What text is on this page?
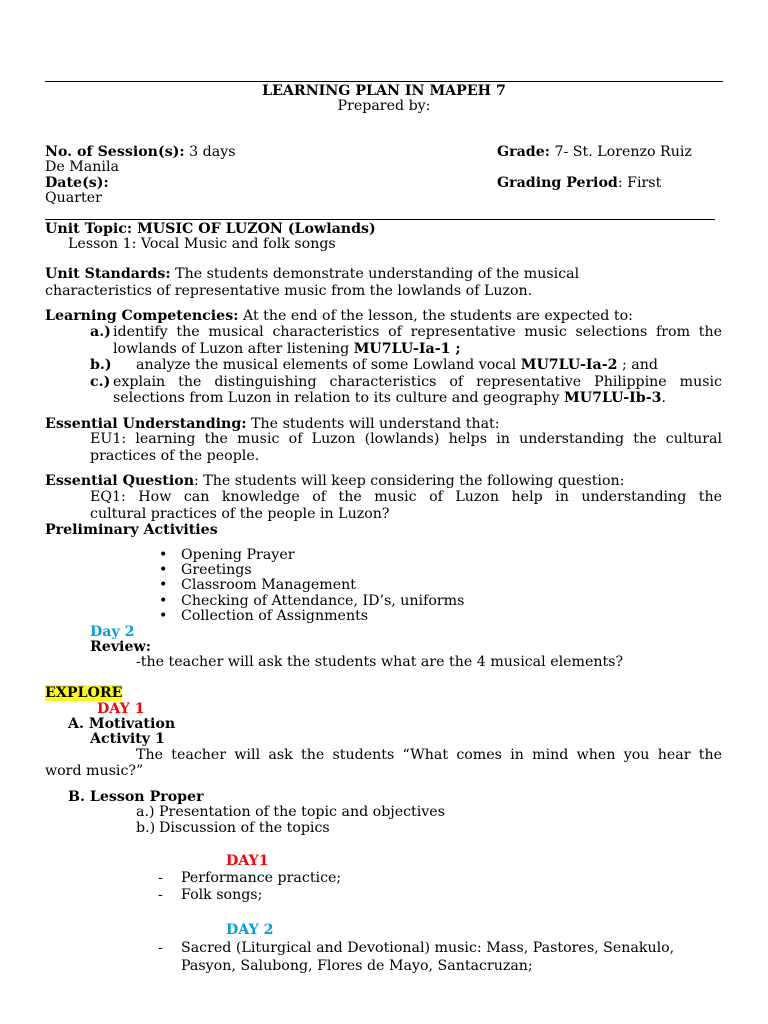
LEARNING PLAN IN MAPEH 7
Prepared by:
No. of Session(s): 3 days	Grade: 7- St. Lorenzo Ruiz
De Manila
Date(s):	Grading Period: First
Quarter
Unit Topic: MUSIC OF LUZON (Lowlands)
Lesson 1: Vocal Music and folk songs
Unit Standards: The students demonstrate understanding of the musical
characteristics of representative music from the lowlands of Luzon.
Learning Competencies: At the end of the lesson, the students are expected to:
a.) identify the musical characteristics of representative music selections from the
lowlands of Luzon after listening MU7LU-Ia-1 ;
b.) analyze the musical elements of some Lowland vocal MU7LU-Ia-2 ; and
c.) explain the distinguishing characteristics of representative Philippine music
selections from Luzon in relation to its culture and geography MU7LU-Ib-3.
Essential Understanding: The students will understand that:
EU1: learning the music of Luzon (lowlands) helps in understanding the cultural
practices of the people.
Essential Question: The students will keep considering the following question:
EQ1: How can knowledge of the music of Luzon help in understanding the
cultural practices of the people in Luzon?
Preliminary Activities
• Opening Prayer
• Greetings
• Classroom Management
• Checking of Attendance, ID’s, uniforms
• Collection of Assignments
Day 2
Review:
-the teacher will ask the students what are the 4 musical elements?
EXPLORE
DAY 1
A. Motivation
Activity 1
The teacher will ask the students “What comes in mind when you hear the
word music?”
B. Lesson Proper
a.) Presentation of the topic and objectives
b.) Discussion of the topics
DAY1
- Performance practice;
- Folk songs;
DAY 2
- Sacred (Liturgical and Devotional) music: Mass, Pastores, Senakulo,
Pasyon, Salubong, Flores de Mayo, Santacruzan;
